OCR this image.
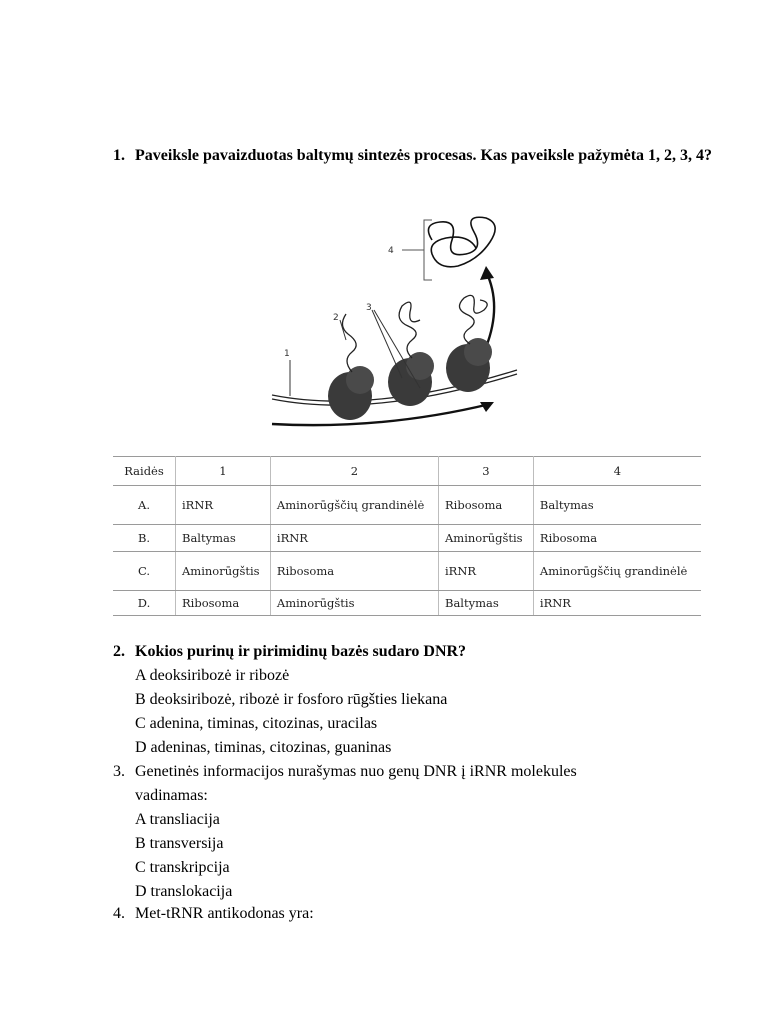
1. Paveiksle pavaizduotas baltymų sintezės procesas. Kas paveiksle pažymėta 1, 2, 3, 4?
1
2
3
4
Raidės	1	2	3	4
A.	iRNR	Aminorūgščių grandinėlė	Ribosoma	Baltymas
B.	Baltymas	iRNR	Aminorūgštis	Ribosoma
C.	Aminorūgštis	Ribosoma	iRNR	Aminorūgščių grandinėlė
D.	Ribosoma	Aminorūgštis	Baltymas	iRNR
2. Kokios purinų ir pirimidinų bazės sudaro DNR?
A deoksiribozė ir ribozė
B deoksiribozė, ribozė ir fosforo rūgšties liekana
C adenina, timinas, citozinas, uracilas
D adeninas, timinas, citozinas, guaninas
3. Genetinės informacijos nurašymas nuo genų DNR į iRNR molekules vadinamas:
A transliacija
B transversija
C transkripcija
D translokacija
4. Met-tRNR antikodonas yra:
